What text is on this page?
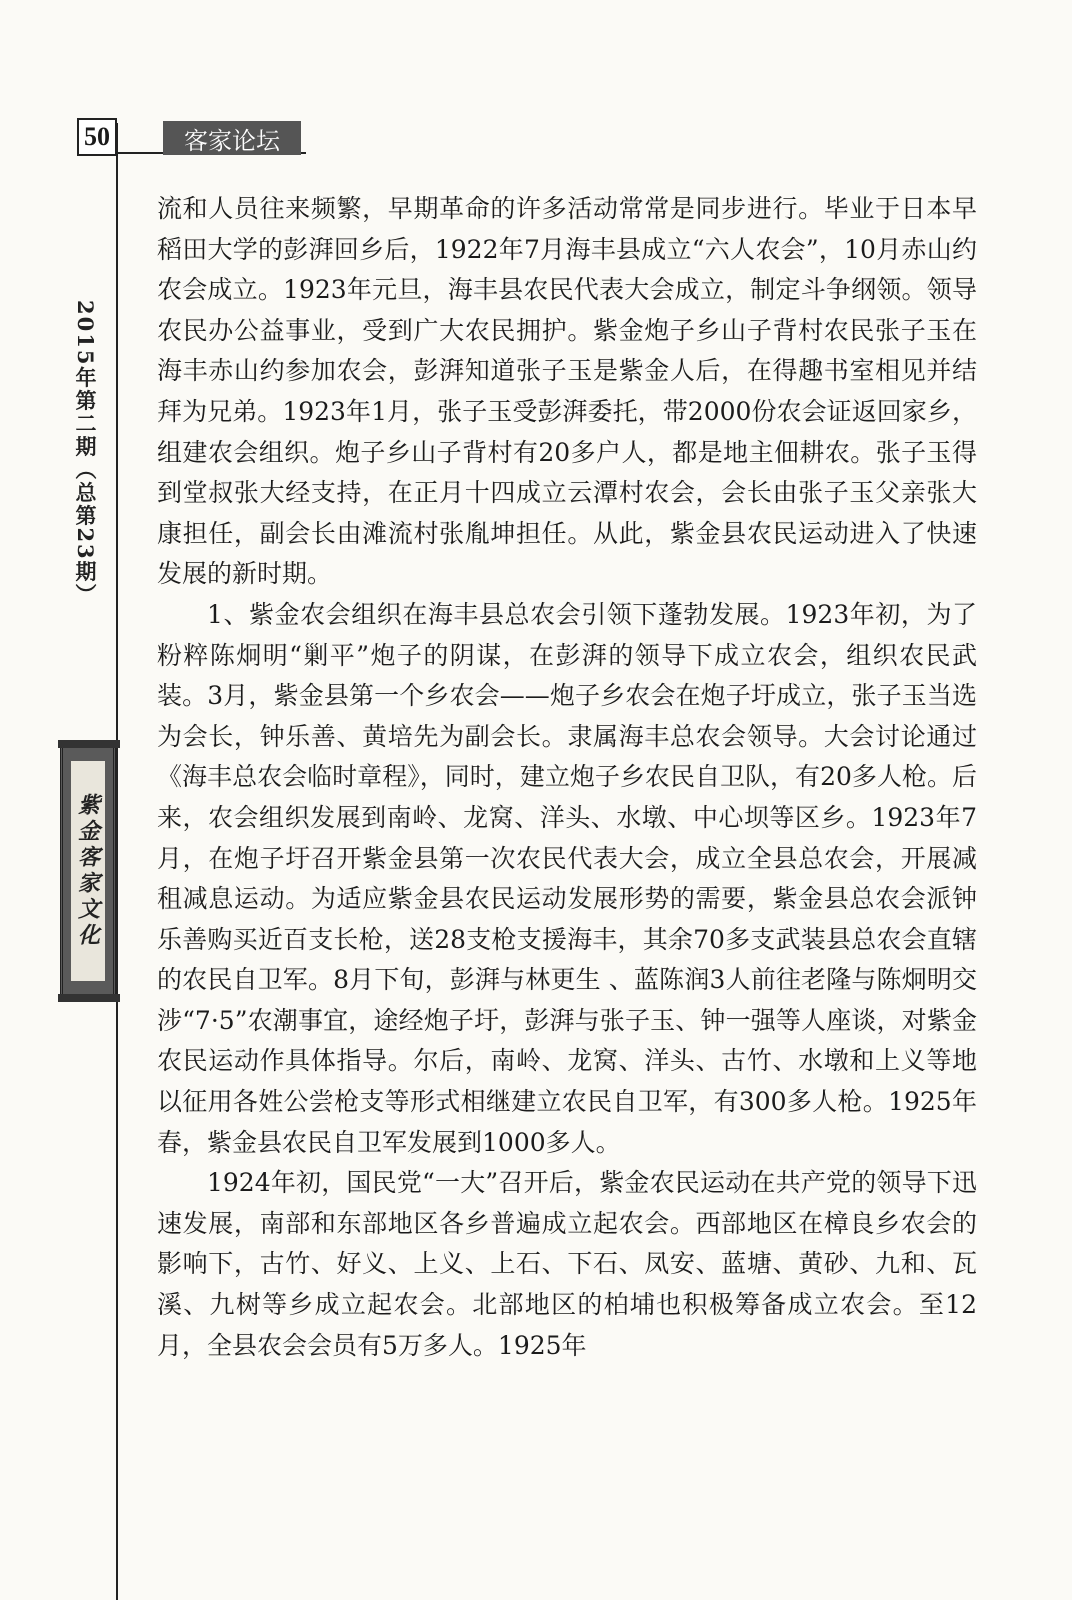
50	客家论坛
2015年第二期（总第23期）
紫金客家文化

流和人员往来频繁，早期革命的许多活动常常是同步进行。毕业于日本早稻田大学的彭湃回乡后，1922年7月海丰县成立“六人农会”，10月赤山约农会成立。1923年元旦，海丰县农民代表大会成立，制定斗争纲领。领导农民办公益事业，受到广大农民拥护。紫金炮子乡山子背村农民张子玉在海丰赤山约参加农会，彭湃知道张子玉是紫金人后，在得趣书室相见并结拜为兄弟。1923年1月，张子玉受彭湃委托，带2000份农会证返回家乡，组建农会组织。炮子乡山子背村有20多户人，都是地主佃耕农。张子玉得到堂叔张大经支持，在正月十四成立云潭村农会，会长由张子玉父亲张大康担任，副会长由滩流村张胤坤担任。从此，紫金县农民运动进入了快速发展的新时期。

1、紫金农会组织在海丰县总农会引领下蓬勃发展。1923年初，为了粉粹陈炯明“剿平”炮子的阴谋，在彭湃的领导下成立农会，组织农民武装。3月，紫金县第一个乡农会——炮子乡农会在炮子圩成立，张子玉当选为会长，钟乐善、黄培先为副会长。隶属海丰总农会领导。大会讨论通过《海丰总农会临时章程》，同时，建立炮子乡农民自卫队，有20多人枪。后来，农会组织发展到南岭、龙窝、洋头、水墩、中心坝等区乡。1923年7月，在炮子圩召开紫金县第一次农民代表大会，成立全县总农会，开展减租减息运动。为适应紫金县农民运动发展形势的需要，紫金县总农会派钟乐善购买近百支长枪，送28支枪支援海丰，其余70多支武装县总农会直辖的农民自卫军。8月下旬，彭湃与林更生 、蓝陈润3人前往老隆与陈炯明交涉“7·5”农潮事宜，途经炮子圩，彭湃与张子玉、钟一强等人座谈，对紫金农民运动作具体指导。尔后，南岭、龙窝、洋头、古竹、水墩和上义等地以征用各姓公尝枪支等形式相继建立农民自卫军，有300多人枪。1925年春，紫金县农民自卫军发展到1000多人。

1924年初，国民党“一大”召开后，紫金农民运动在共产党的领导下迅速发展，南部和东部地区各乡普遍成立起农会。西部地区在樟良乡农会的影响下，古竹、好义、上义、上石、下石、凤安、蓝塘、黄砂、九和、瓦溪、九树等乡成立起农会。北部地区的柏埔也积极筹备成立农会。至12月，全县农会会员有5万多人。1925年
